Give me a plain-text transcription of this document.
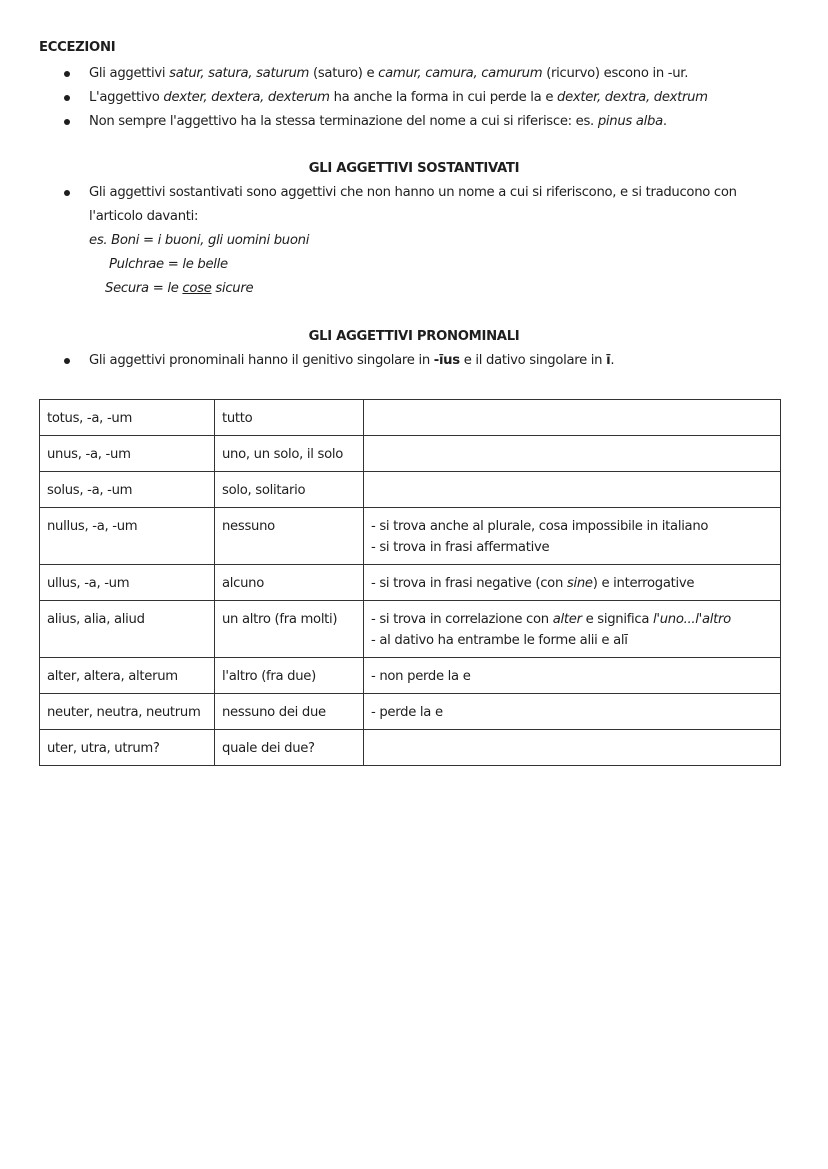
ECCEZIONI
Gli aggettivi satur, satura, saturum (saturo) e camur, camura, camurum (ricurvo) escono in -ur.
L'aggettivo dexter, dextera, dexterum ha anche la forma in cui perde la e dexter, dextra, dextrum
Non sempre l'aggettivo ha la stessa terminazione del nome a cui si riferisce: es. pinus alba.
GLI AGGETTIVI SOSTANTIVATI
Gli aggettivi sostantivati sono aggettivi che non hanno un nome a cui si riferiscono, e si traducono con
l'articolo davanti:
es. Boni = i buoni, gli uomini buoni
Pulchrae = le belle
Secura = le cose sicure
GLI AGGETTIVI PRONOMINALI
Gli aggettivi pronominali hanno il genitivo singolare in -īus e il dativo singolare in ī.
totus, -a, -um	tutto	
unus, -a, -um	uno, un solo, il solo	
solus, -a, -um	solo, solitario	
nullus, -a, -um	nessuno	- si trova anche al plurale, cosa impossibile in italiano
- si trova in frasi affermative

ullus, -a, -um	alcuno	- si trova in frasi negative (con sine) e interrogative

alius, alia, aliud	un altro (fra molti)	- si trova in correlazione con alter e significa l'uno...l'altro
- al dativo ha entrambe le forme alii e alī

alter, altera, alterum	l'altro (fra due)	- non perde la e

neuter, neutra, neutrum	nessuno dei due	- perde la e

uter, utra, utrum?	quale dei due?	
